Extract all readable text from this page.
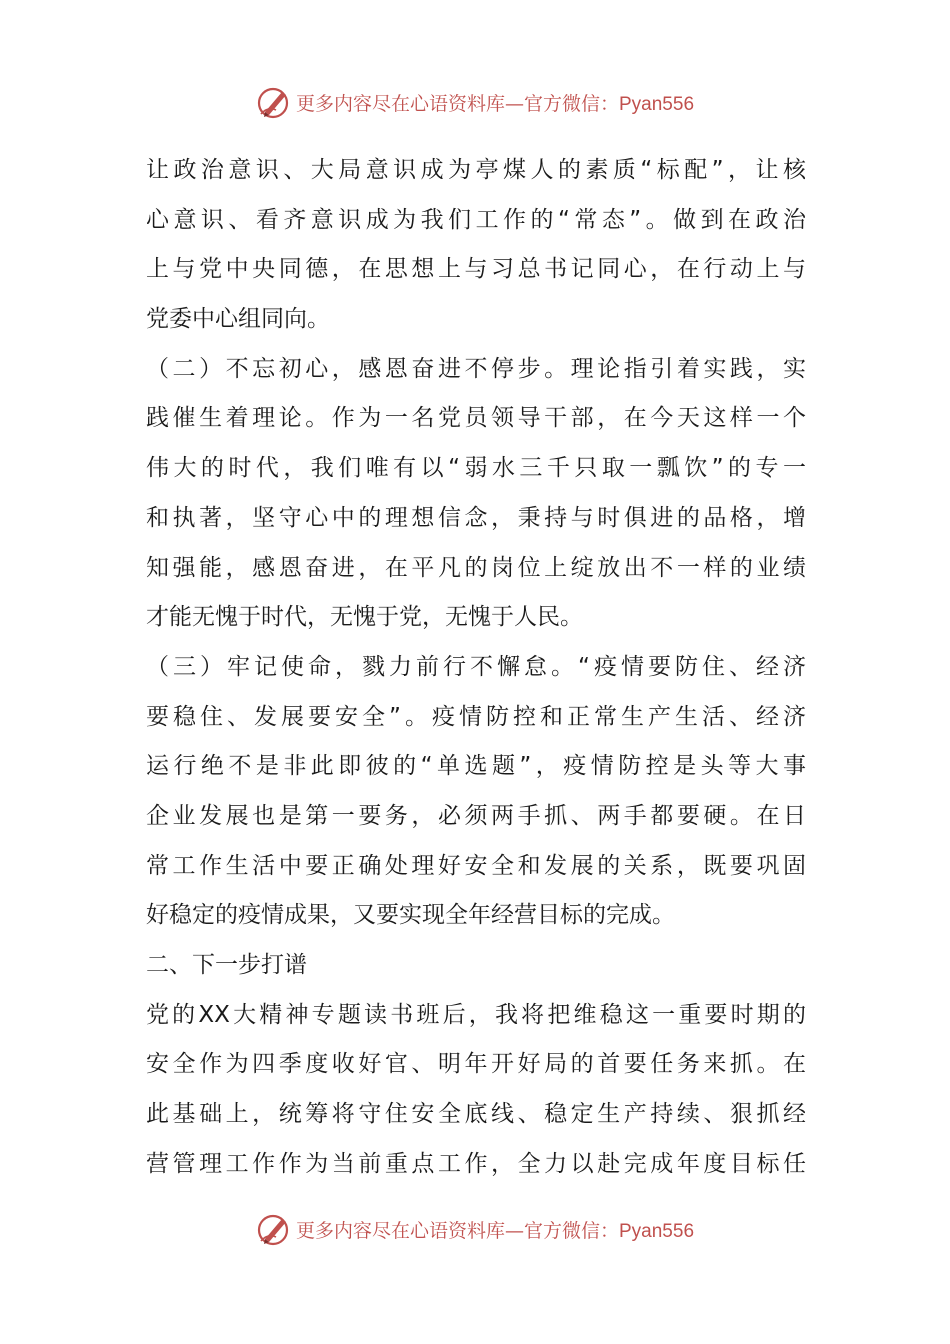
更多内容尽在心语资料库—官方微信：Pyan556
让政治意识、大局意识成为亭煤人的素质“标配”，让核
心意识、看齐意识成为我们工作的“常态”。做到在政治
上与党中央同德，在思想上与习总书记同心，在行动上与
党委中心组同向。
（二）不忘初心，感恩奋进不停步。理论指引着实践，实
践催生着理论。作为一名党员领导干部，在今天这样一个
伟大的时代，我们唯有以“弱水三千只取一瓢饮”的专一
和执著，坚守心中的理想信念，秉持与时俱进的品格，增
知强能，感恩奋进，在平凡的岗位上绽放出不一样的业绩
才能无愧于时代，无愧于党，无愧于人民。
（三）牢记使命，戮力前行不懈怠。“疫情要防住、经济
要稳住、发展要安全”。疫情防控和正常生产生活、经济
运行绝不是非此即彼的“单选题”，疫情防控是头等大事
企业发展也是第一要务，必须两手抓、两手都要硬。在日
常工作生活中要正确处理好安全和发展的关系，既要巩固
好稳定的疫情成果，又要实现全年经营目标的完成。
二、下一步打谱
党的XX大精神专题读书班后，我将把维稳这一重要时期的
安全作为四季度收好官、明年开好局的首要任务来抓。在
此基础上，统筹将守住安全底线、稳定生产持续、狠抓经
营管理工作作为当前重点工作，全力以赴完成年度目标任
更多内容尽在心语资料库—官方微信：Pyan556
